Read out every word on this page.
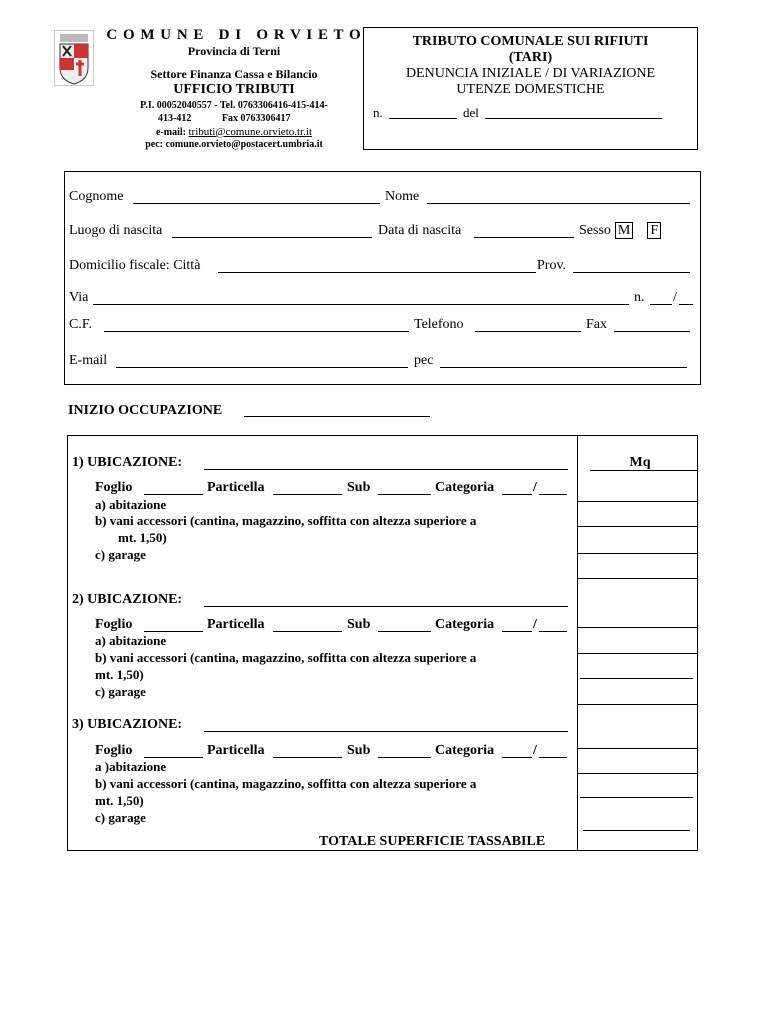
C O M U N E   D I   O R V I E T O
Provincia di Terni
Settore Finanza Cassa e Bilancio
UFFICIO TRIBUTI
P.I. 00052040557 - Tel. 0763306416-415-414-
413-412	Fax 0763306417
e-mail: tributi@comune.orvieto.tr.it
pec: comune.orvieto@postacert.umbria.it
TRIBUTO COMUNALE SUI RIFIUTI
(TARI)
DENUNCIA INIZIALE / DI VARIAZIONE
UTENZE DOMESTICHE
n.	del
Cognome	Nome
Luogo di nascita	Data di nascita	Sesso M F
Domicilio fiscale: Città	Prov.
Via	n. /
C.F.	Telefono	Fax
E-mail	pec
INIZIO OCCUPAZIONE
Mq
1) UBICAZIONE:
Foglio	Particella	Sub	Categoria	/
a) abitazione
b) vani accessori (cantina, magazzino, soffitta con altezza superiore a
mt. 1,50)
c) garage
2) UBICAZIONE:
Foglio	Particella	Sub	Categoria	/
a) abitazione
b) vani accessori (cantina, magazzino, soffitta con altezza superiore a
mt. 1,50)
c) garage
3) UBICAZIONE:
Foglio	Particella	Sub	Categoria	/
a )abitazione
b) vani accessori (cantina, magazzino, soffitta con altezza superiore a
mt. 1,50)
c) garage
TOTALE SUPERFICIE TASSABILE
